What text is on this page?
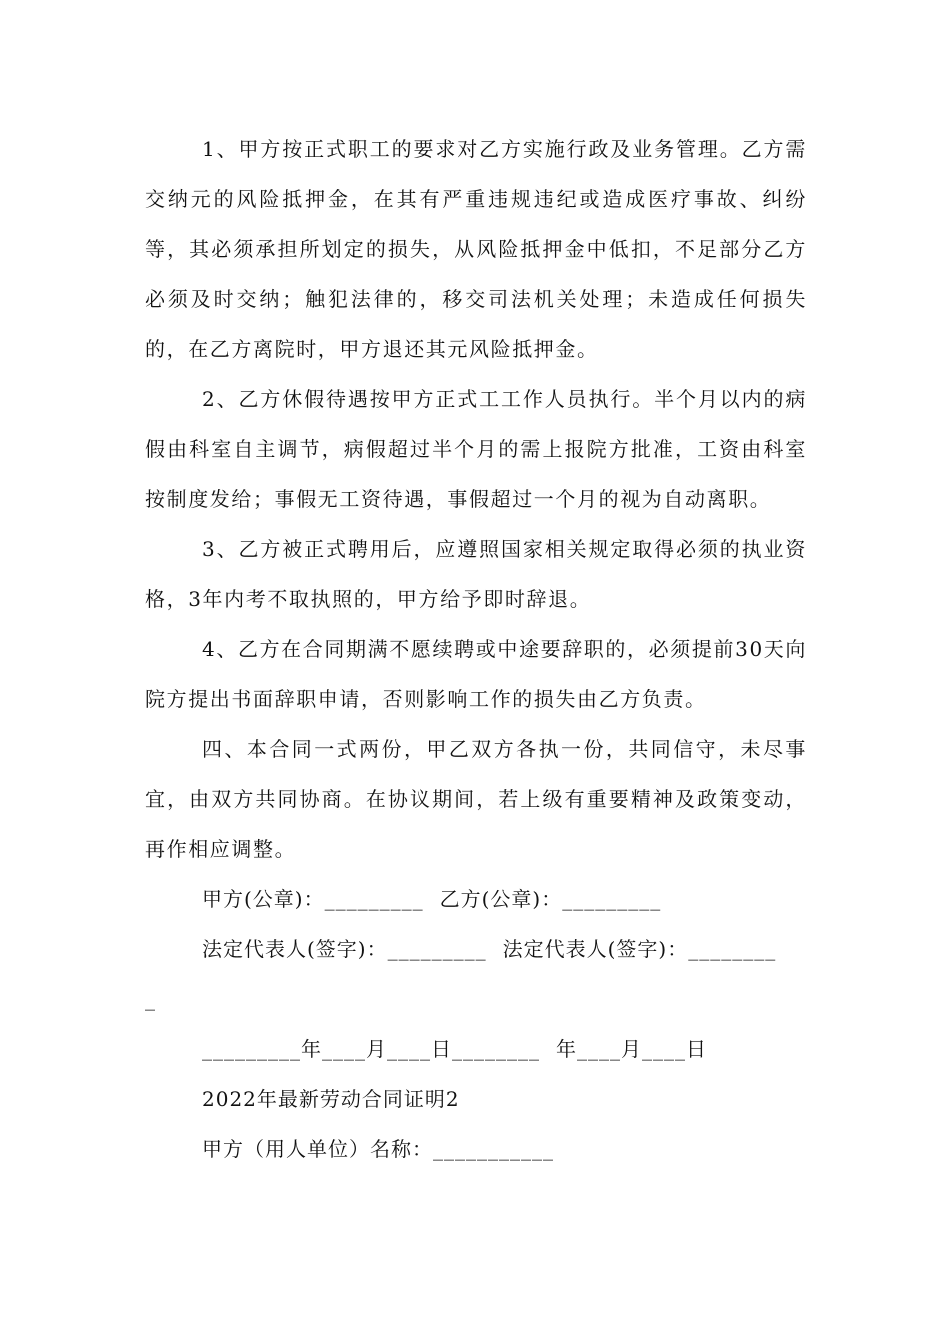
1、甲方按正式职工的要求对乙方实施行政及业务管理。乙方需交纳元的风险抵押金，在其有严重违规违纪或造成医疗事故、纠纷等，其必须承担所划定的损失，从风险抵押金中低扣，不足部分乙方必须及时交纳；触犯法律的，移交司法机关处理；未造成任何损失的，在乙方离院时，甲方退还其元风险抵押金。

2、乙方休假待遇按甲方正式工工作人员执行。半个月以内的病假由科室自主调节，病假超过半个月的需上报院方批准，工资由科室按制度发给；事假无工资待遇，事假超过一个月的视为自动离职。

3、乙方被正式聘用后，应遵照国家相关规定取得必须的执业资格，3年内考不取执照的，甲方给予即时辞退。

4、乙方在合同期满不愿续聘或中途要辞职的，必须提前30天向院方提出书面辞职申请，否则影响工作的损失由乙方负责。

四、本合同一式两份，甲乙双方各执一份，共同信守，未尽事宜，由双方共同协商。在协议期间，若上级有重要精神及政策变动，再作相应调整。

甲方(公章)：_________ 乙方(公章)：_________

法定代表人(签字)：_________ 法定代表人(签字)：________

_

_________年____月____日________ 年____月____日

2022年最新劳动合同证明2

甲方（用人单位）名称：___________
